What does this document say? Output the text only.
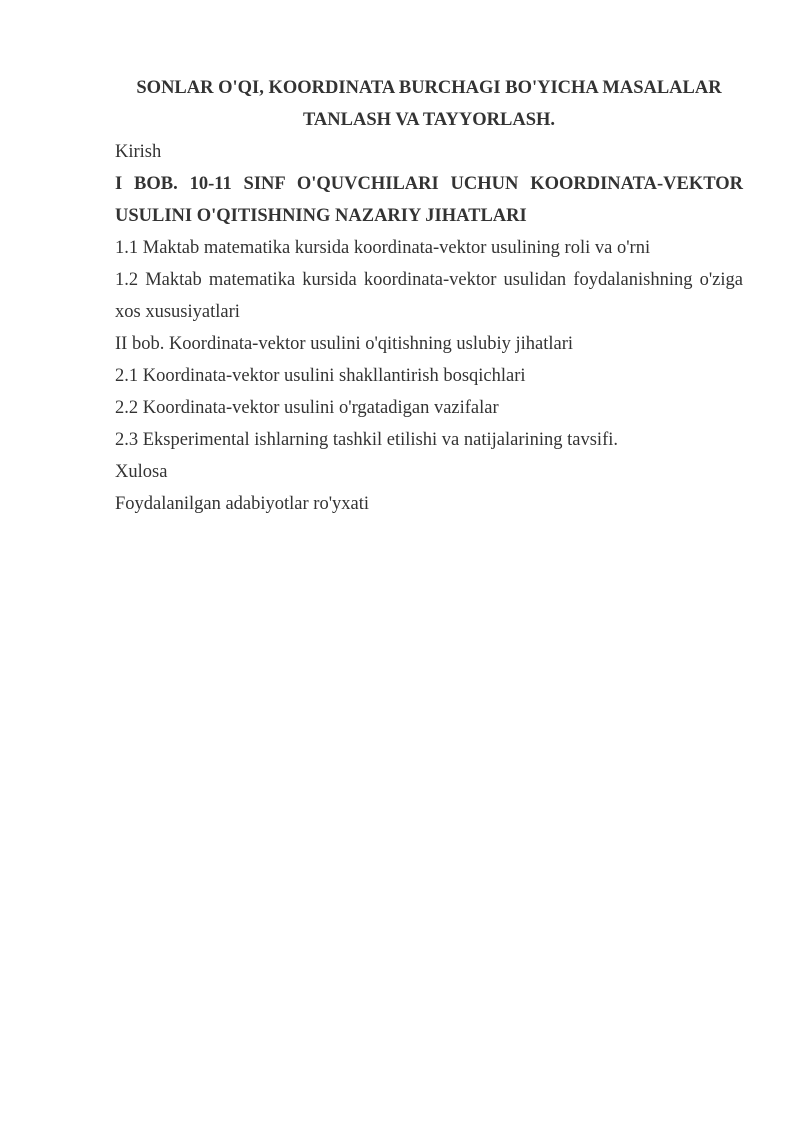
SONLAR O'QI, KOORDINATA BURCHAGI BO'YICHA MASALALAR

TANLASH VA TAYYORLASH.

Kirish

I BOB. 10-11 SINF O'QUVCHILARI UCHUN KOORDINATA-VEKTOR

USULINI O'QITISHNING NAZARIY JIHATLARI

1.1 Maktab matematika kursida koordinata-vektor usulining roli va o'rni

1.2 Maktab matematika kursida koordinata-vektor usulidan foydalanishning o'ziga

xos xususiyatlari

II bob. Koordinata-vektor usulini o'qitishning uslubiy jihatlari

2.1 Koordinata-vektor usulini shakllantirish bosqichlari

2.2 Koordinata-vektor usulini o'rgatadigan vazifalar

2.3 Eksperimental ishlarning tashkil etilishi va natijalarining tavsifi.

Xulosa

Foydalanilgan adabiyotlar ro'yxati
